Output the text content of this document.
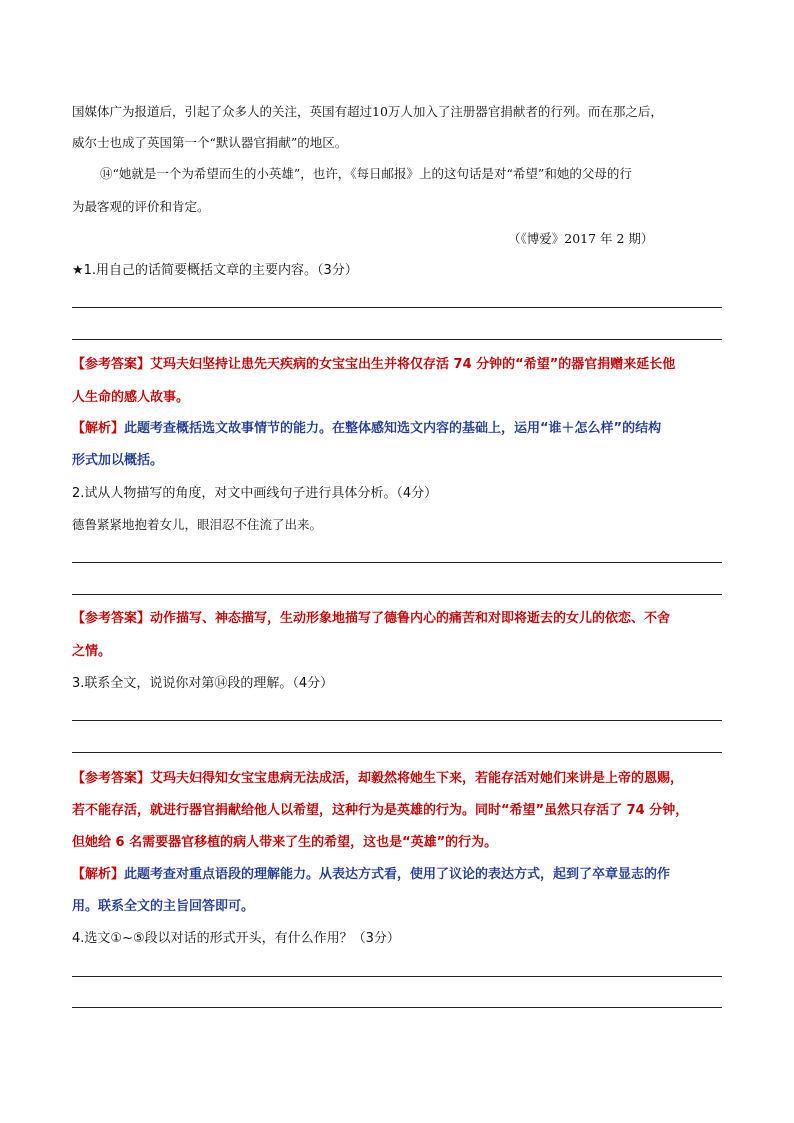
国媒体广为报道后，引起了众多人的关注，英国有超过10万人加入了注册器官捐献者的行列。而在那之后，
威尔士也成了英国第一个“默认器官捐献”的地区。
⑭“她就是一个为希望而生的小英雄”，也许，《每日邮报》上的这句话是对“希望”和她的父母的行
为最客观的评价和肯定。
（《博爱》2017 年 2 期）
★1.用自己的话简要概括文章的主要内容。（3分）
【参考答案】艾玛夫妇坚持让患先天疾病的女宝宝出生并将仅存活 74 分钟的“希望”的器官捐赠来延长他
人生命的感人故事。
【解析】此题考查概括选文故事情节的能力。在整体感知选文内容的基础上，运用“谁＋怎么样”的结构
形式加以概括。
2.试从人物描写的角度，对文中画线句子进行具体分析。（4分）
德鲁紧紧地抱着女儿，眼泪忍不住流了出来。
【参考答案】动作描写、神态描写，生动形象地描写了德鲁内心的痛苦和对即将逝去的女儿的依恋、不舍
之情。
3.联系全文，说说你对第⑭段的理解。（4分）
【参考答案】艾玛夫妇得知女宝宝患病无法成活，却毅然将她生下来，若能存活对她们来讲是上帝的恩赐，
若不能存活，就进行器官捐献给他人以希望，这种行为是英雄的行为。同时“希望”虽然只存活了 74 分钟，
但她给 6 名需要器官移植的病人带来了生的希望，这也是“英雄”的行为。
【解析】此题考查对重点语段的理解能力。从表达方式看，使用了议论的表达方式，起到了卒章显志的作
用。联系全文的主旨回答即可。
4.选文①~⑤段以对话的形式开头，有什么作用？（3分）
